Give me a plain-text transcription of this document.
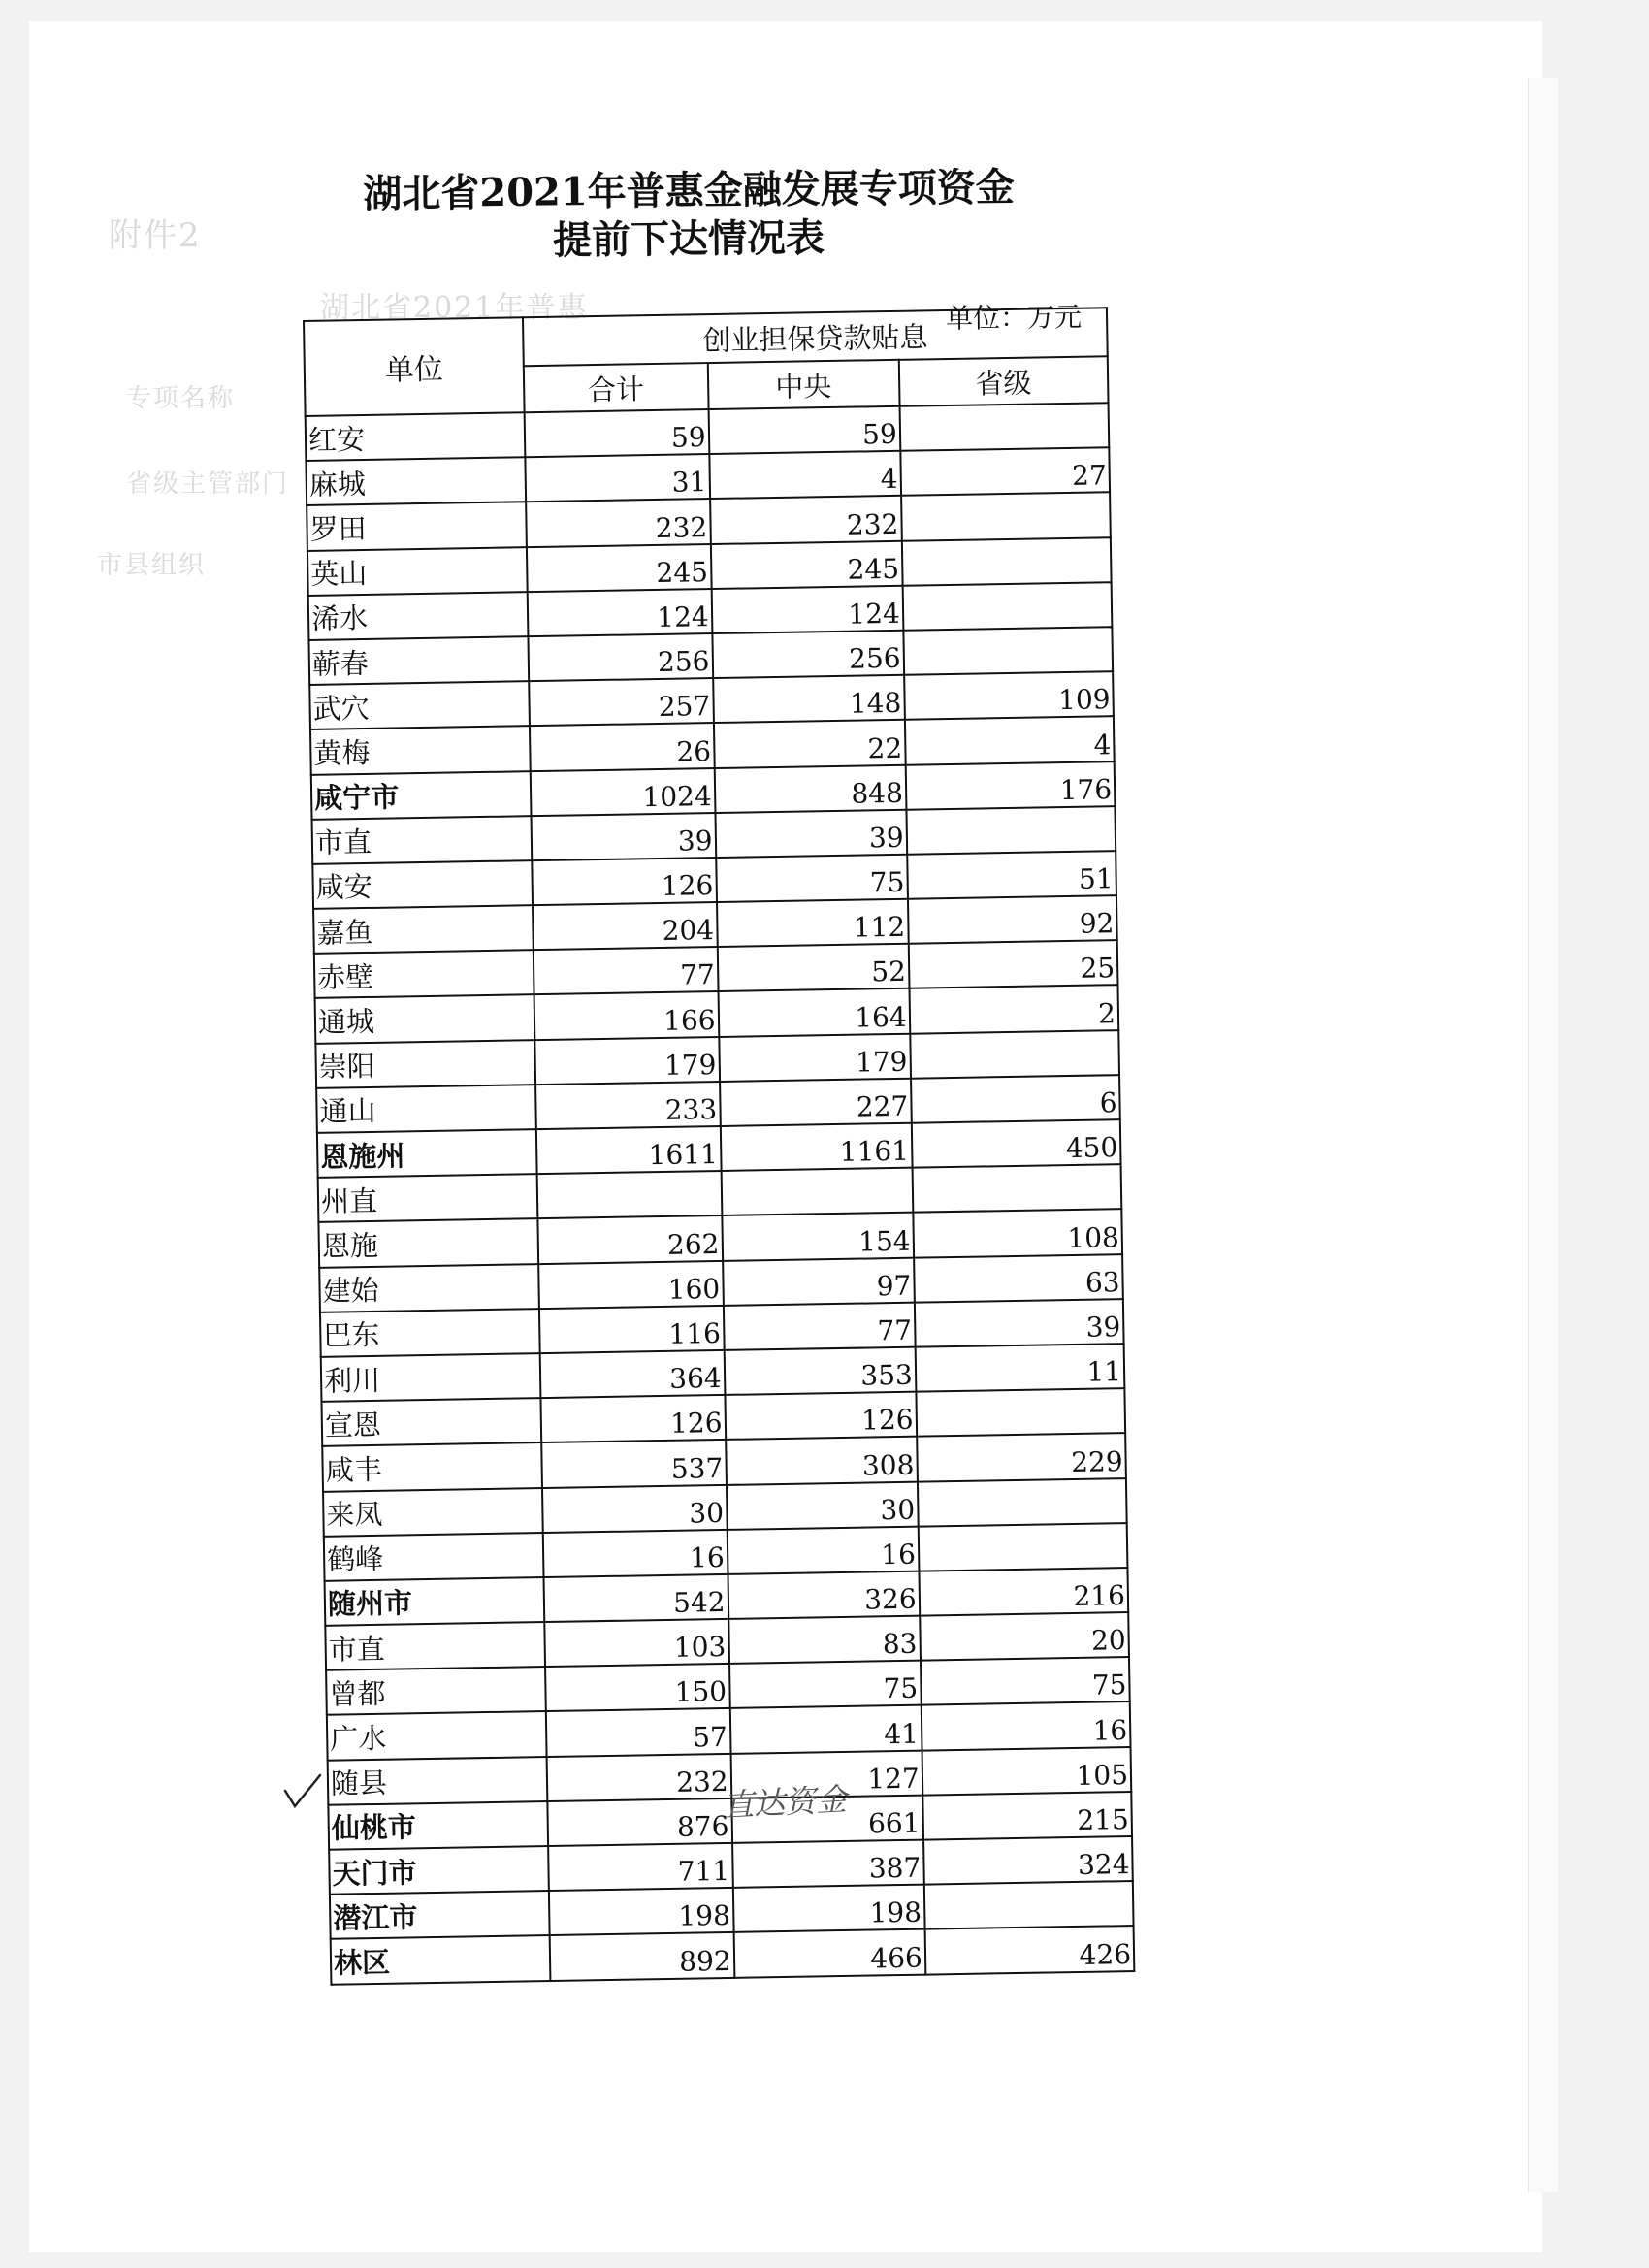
附件2
湖北省2021年普惠
专项名称
省级主管部门
市县组织
湖北省2021年普惠金融发展专项资金
提前下达情况表
单位：万元
单位	创业担保贷款贴息		
	合计	中央	省级
红安	59	59	
麻城	31	4	27
罗田	232	232	
英山	245	245	
浠水	124	124	
蕲春	256	256	
武穴	257	148	109
黄梅	26	22	4
咸宁市	1024	848	176
市直	39	39	
咸安	126	75	51
嘉鱼	204	112	92
赤壁	77	52	25
通城	166	164	2
崇阳	179	179	
通山	233	227	6
恩施州	1611	1161	450
州直			
恩施	262	154	108
建始	160	97	63
巴东	116	77	39
利川	364	353	11
宣恩	126	126	
咸丰	537	308	229
来凤	30	30	
鹤峰	16	16	
随州市	542	326	216
市直	103	83	20
曾都	150	75	75
广水	57	41	16
随县	232	127	105
仙桃市	876	661	215
天门市	711	387	324
潜江市	198	198	
林区	892	466	426
直达资金
